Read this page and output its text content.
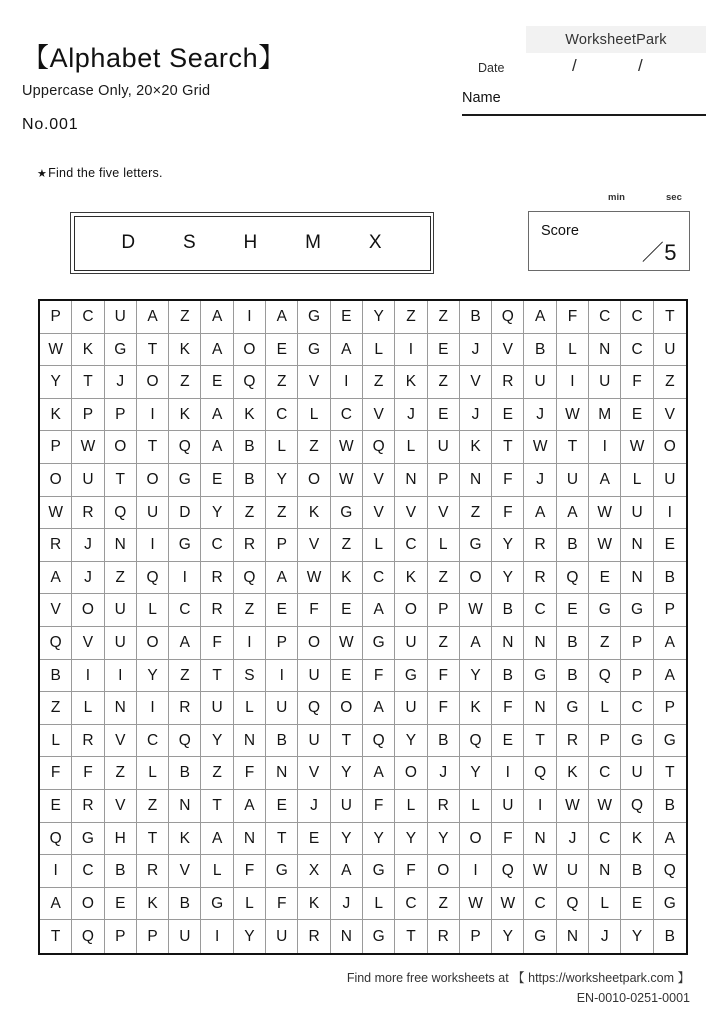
【Alphabet Search】
Uppercase Only, 20×20 Grid
No.001
WorksheetPark
Date	/	/
Name
★Find the five letters.
D S H M X
min	sec
Score
／5
P	C	U	A	Z	A	I	A	G	E	Y	Z	Z	B	Q	A	F	C	C	T
W	K	G	T	K	A	O	E	G	A	L	I	E	J	V	B	L	N	C	U
Y	T	J	O	Z	E	Q	Z	V	I	Z	K	Z	V	R	U	I	U	F	Z
K	P	P	I	K	A	K	C	L	C	V	J	E	J	E	J	W	M	E	V
P	W	O	T	Q	A	B	L	Z	W	Q	L	U	K	T	W	T	I	W	O
O	U	T	O	G	E	B	Y	O	W	V	N	P	N	F	J	U	A	L	U
W	R	Q	U	D	Y	Z	Z	K	G	V	V	V	Z	F	A	A	W	U	I
R	J	N	I	G	C	R	P	V	Z	L	C	L	G	Y	R	B	W	N	E
A	J	Z	Q	I	R	Q	A	W	K	C	K	Z	O	Y	R	Q	E	N	B
V	O	U	L	C	R	Z	E	F	E	A	O	P	W	B	C	E	G	G	P
Q	V	U	O	A	F	I	P	O	W	G	U	Z	A	N	N	B	Z	P	A
B	I	I	Y	Z	T	S	I	U	E	F	G	F	Y	B	G	B	Q	P	A
Z	L	N	I	R	U	L	U	Q	O	A	U	F	K	F	N	G	L	C	P
L	R	V	C	Q	Y	N	B	U	T	Q	Y	B	Q	E	T	R	P	G	G
F	F	Z	L	B	Z	F	N	V	Y	A	O	J	Y	I	Q	K	C	U	T
E	R	V	Z	N	T	A	E	J	U	F	L	R	L	U	I	W	W	Q	B
Q	G	H	T	K	A	N	T	E	Y	Y	Y	Y	O	F	N	J	C	K	A
I	C	B	R	V	L	F	G	X	A	G	F	O	I	Q	W	U	N	B	Q
A	O	E	K	B	G	L	F	K	J	L	C	Z	W	W	C	Q	L	E	G
T	Q	P	P	U	I	Y	U	R	N	G	T	R	P	Y	G	N	J	Y	B
Find more free worksheets at 【 https://worksheetpark.com 】
EN-0010-0251-0001
